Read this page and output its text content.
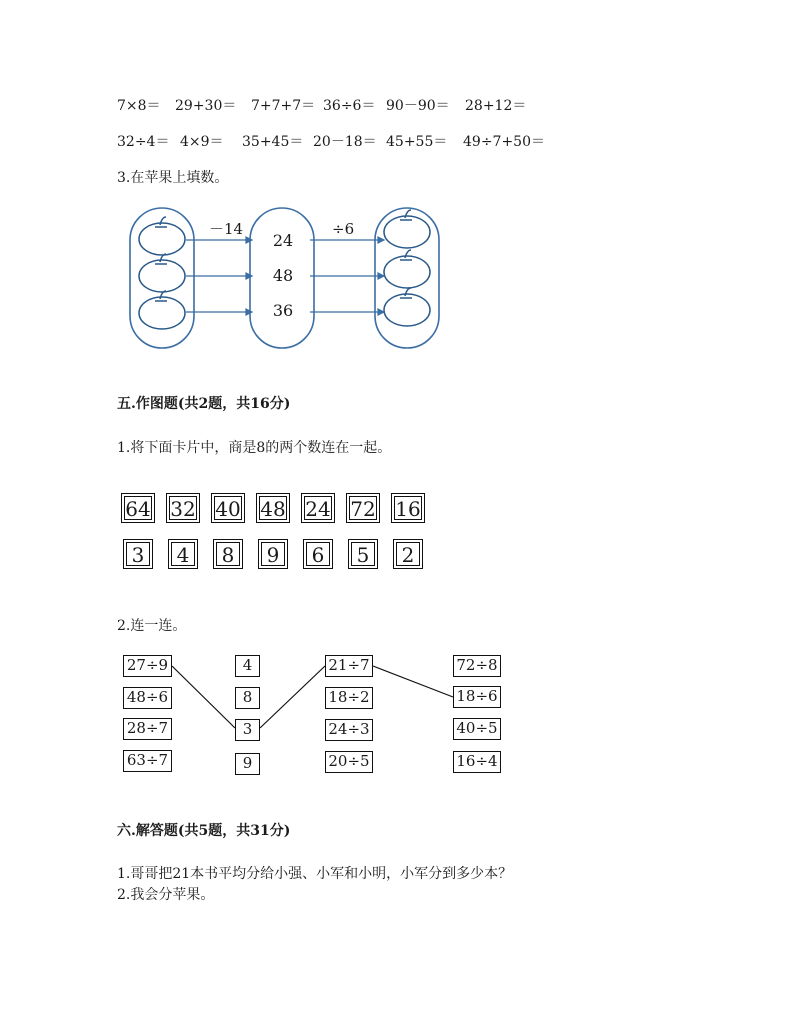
7×8＝ 29+30＝ 7+7+7＝ 36÷6＝ 90－90＝ 28+12＝
32÷4＝ 4×9＝ 35+45＝ 20－18＝ 45+55＝ 49÷7+50＝
3.在苹果上填数。
－14	÷6
24
48
36
五.作图题(共2题，共16分)
1.将下面卡片中，商是8的两个数连在一起。
64 32 40 48 24 72 16
3 4 8 9 6 5 2
2.连一连。
27÷9
48÷6
28÷7
63÷7
4
8
3
9
21÷7
18÷2
24÷3
20÷5
72÷8
18÷6
40÷5
16÷4
六.解答题(共5题，共31分)
1.哥哥把21本书平均分给小强、小军和小明，小军分到多少本？
2.我会分苹果。
